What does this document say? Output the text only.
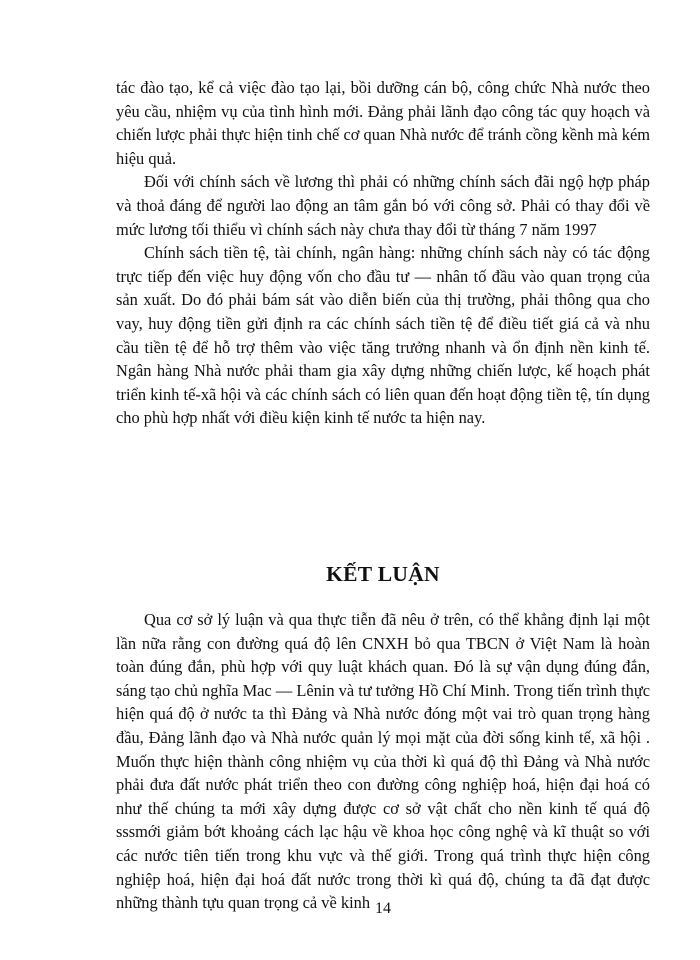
tác đào tạo, kể cả việc đào tạo lại, bồi dưỡng cán bộ, công chức Nhà nước theo yêu cầu, nhiệm vụ của tình hình mới. Đảng phải lãnh đạo công tác quy hoạch và chiến lược phải thực hiện tinh chế cơ quan Nhà nước để tránh cồng kềnh mà kém hiệu quả.

Đối với chính sách về lương thì phải có những chính sách đãi ngộ hợp pháp và thoả đáng để người lao động an tâm gắn bó với công sở. Phải có thay đổi về mức lương tối thiểu vì chính sách này chưa thay đổi từ tháng 7 năm 1997

Chính sách tiền tệ, tài chính, ngân hàng: những chính sách này có tác động trực tiếp đến việc huy động vốn cho đầu tư — nhân tố đầu vào quan trọng của sản xuất. Do đó phải bám sát vào diễn biến của thị trường, phải thông qua cho vay, huy động tiền gửi định ra các chính sách tiền tệ để điều tiết giá cả và nhu cầu tiền tệ để hỗ trợ thêm vào việc tăng trưởng nhanh và ổn định nền kinh tế. Ngân hàng Nhà nước phải tham gia xây dựng những chiến lược, kế hoạch phát triển kinh tế-xã hội và các chính sách có liên quan đến hoạt động tiền tệ, tín dụng cho phù hợp nhất với điều kiện kinh tế nước ta hiện nay.

KẾT LUẬN

Qua cơ sở lý luận và qua thực tiễn đã nêu ở trên, có thể khẳng định lại một lần nữa rằng con đường quá độ lên CNXH bỏ qua TBCN ở Việt Nam là hoàn toàn đúng đắn, phù hợp với quy luật khách quan. Đó là sự vận dụng đúng đắn, sáng tạo chủ nghĩa Mac — Lênin và tư tưởng Hồ Chí Minh. Trong tiến trình thực hiện quá độ ở nước ta thì Đảng và Nhà nước đóng một vai trò quan trọng hàng đầu, Đảng lãnh đạo và Nhà nước quản lý mọi mặt của đời sống kinh tế, xã hội . Muốn thực hiện thành công nhiệm vụ của thời kì quá độ thì Đảng và Nhà nước phải đưa đất nước phát triển theo con đường công nghiệp hoá, hiện đại hoá có như thế chúng ta mới xây dựng được cơ sở vật chất cho nền kinh tế quá độ sssmới giảm bớt khoảng cách lạc hậu về khoa học công nghệ và kĩ thuật so với các nước tiên tiến trong khu vực và thế giới. Trong quá trình thực hiện công nghiệp hoá, hiện đại hoá đất nước trong thời kì quá độ, chúng ta đã đạt được những thành tựu quan trọng cả về kinh 14
